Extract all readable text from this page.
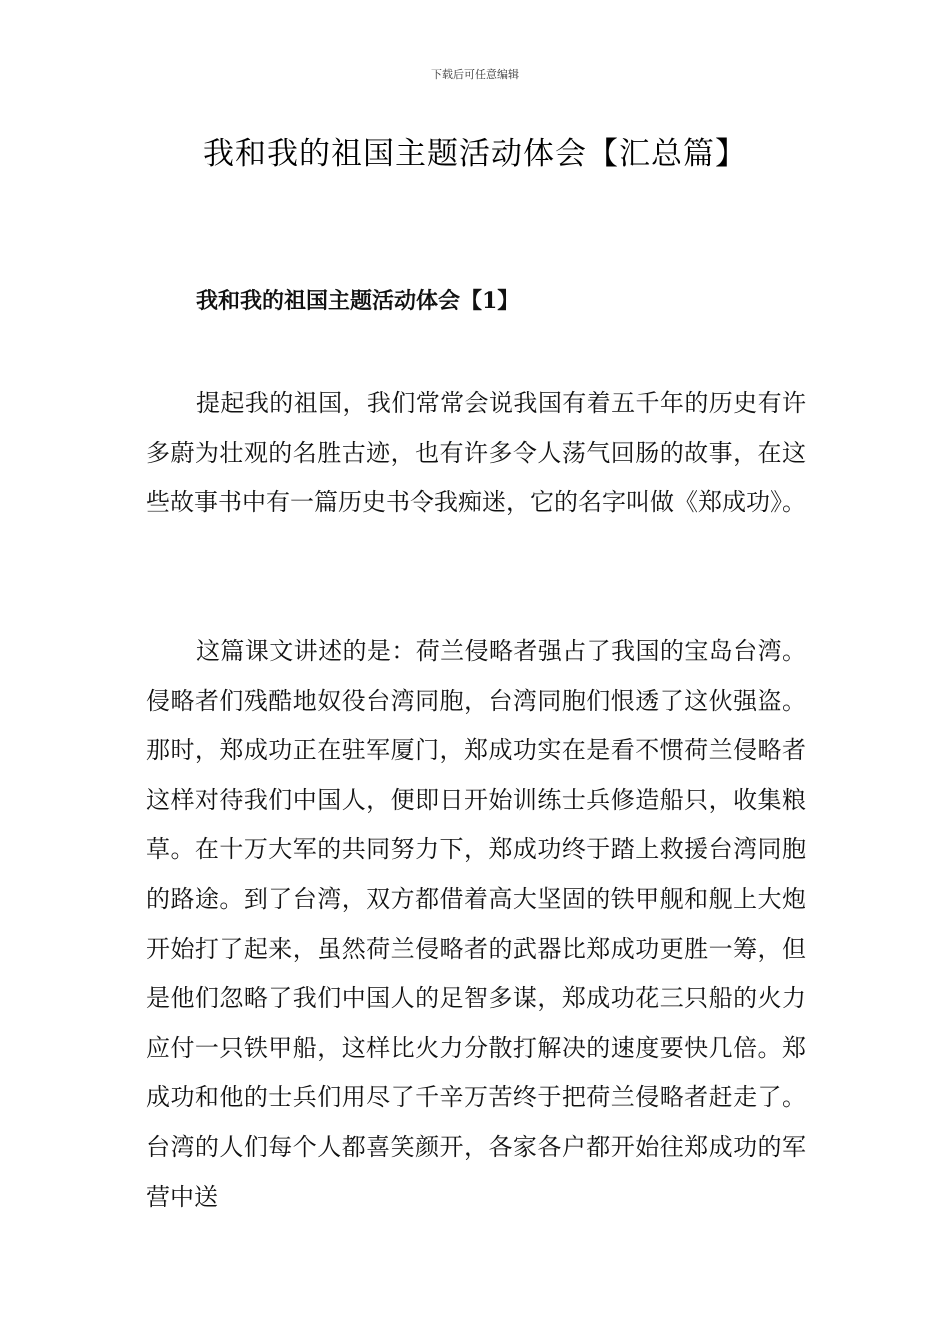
下载后可任意编辑
我和我的祖国主题活动体会【汇总篇】
我和我的祖国主题活动体会【1】

提起我的祖国，我们常常会说我国有着五千年的历史有许多蔚为壮观的名胜古迹，也有许多令人荡气回肠的故事，在这些故事书中有一篇历史书令我痴迷，它的名字叫做《郑成功》。

这篇课文讲述的是：荷兰侵略者强占了我国的宝岛台湾。侵略者们残酷地奴役台湾同胞，台湾同胞们恨透了这伙强盗。那时，郑成功正在驻军厦门，郑成功实在是看不惯荷兰侵略者这样对待我们中国人，便即日开始训练士兵修造船只，收集粮草。在十万大军的共同努力下，郑成功终于踏上救援台湾同胞的路途。到了台湾，双方都借着高大坚固的铁甲舰和舰上大炮开始打了起来，虽然荷兰侵略者的武器比郑成功更胜一筹，但是他们忽略了我们中国人的足智多谋，郑成功花三只船的火力应付一只铁甲船，这样比火力分散打解决的速度要快几倍。郑成功和他的士兵们用尽了千辛万苦终于把荷兰侵略者赶走了。台湾的人们每个人都喜笑颜开，各家各户都开始往郑成功的军营中送
